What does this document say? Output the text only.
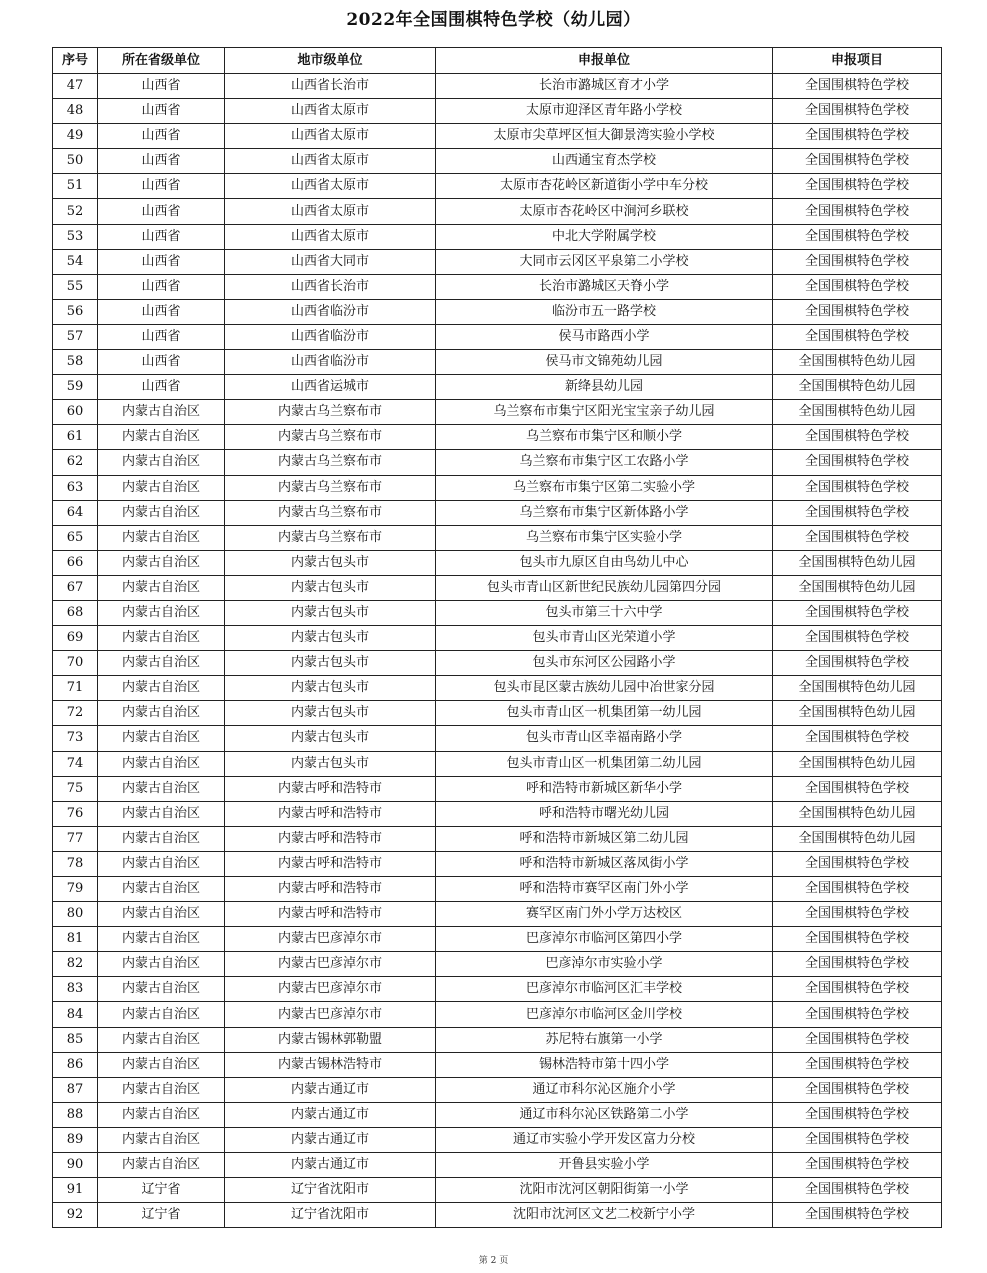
2022年全国围棋特色学校（幼儿园）
序号	所在省级单位	地市级单位	申报单位	申报项目
47	山西省	山西省长治市	长治市潞城区育才小学	全国围棋特色学校
48	山西省	山西省太原市	太原市迎泽区青年路小学校	全国围棋特色学校
49	山西省	山西省太原市	太原市尖草坪区恒大御景湾实验小学校	全国围棋特色学校
50	山西省	山西省太原市	山西通宝育杰学校	全国围棋特色学校
51	山西省	山西省太原市	太原市杏花岭区新道街小学中车分校	全国围棋特色学校
52	山西省	山西省太原市	太原市杏花岭区中涧河乡联校	全国围棋特色学校
53	山西省	山西省太原市	中北大学附属学校	全国围棋特色学校
54	山西省	山西省大同市	大同市云冈区平泉第二小学校	全国围棋特色学校
55	山西省	山西省长治市	长治市潞城区天脊小学	全国围棋特色学校
56	山西省	山西省临汾市	临汾市五一路学校	全国围棋特色学校
57	山西省	山西省临汾市	侯马市路西小学	全国围棋特色学校
58	山西省	山西省临汾市	侯马市文锦苑幼儿园	全国围棋特色幼儿园
59	山西省	山西省运城市	新绛县幼儿园	全国围棋特色幼儿园
60	内蒙古自治区	内蒙古乌兰察布市	乌兰察布市集宁区阳光宝宝亲子幼儿园	全国围棋特色幼儿园
61	内蒙古自治区	内蒙古乌兰察布市	乌兰察布市集宁区和顺小学	全国围棋特色学校
62	内蒙古自治区	内蒙古乌兰察布市	乌兰察布市集宁区工农路小学	全国围棋特色学校
63	内蒙古自治区	内蒙古乌兰察布市	乌兰察布市集宁区第二实验小学	全国围棋特色学校
64	内蒙古自治区	内蒙古乌兰察布市	乌兰察布市集宁区新体路小学	全国围棋特色学校
65	内蒙古自治区	内蒙古乌兰察布市	乌兰察布市集宁区实验小学	全国围棋特色学校
66	内蒙古自治区	内蒙古包头市	包头市九原区自由鸟幼儿中心	全国围棋特色幼儿园
67	内蒙古自治区	内蒙古包头市	包头市青山区新世纪民族幼儿园第四分园	全国围棋特色幼儿园
68	内蒙古自治区	内蒙古包头市	包头市第三十六中学	全国围棋特色学校
69	内蒙古自治区	内蒙古包头市	包头市青山区光荣道小学	全国围棋特色学校
70	内蒙古自治区	内蒙古包头市	包头市东河区公园路小学	全国围棋特色学校
71	内蒙古自治区	内蒙古包头市	包头市昆区蒙古族幼儿园中冶世家分园	全国围棋特色幼儿园
72	内蒙古自治区	内蒙古包头市	包头市青山区一机集团第一幼儿园	全国围棋特色幼儿园
73	内蒙古自治区	内蒙古包头市	包头市青山区幸福南路小学	全国围棋特色学校
74	内蒙古自治区	内蒙古包头市	包头市青山区一机集团第二幼儿园	全国围棋特色幼儿园
75	内蒙古自治区	内蒙古呼和浩特市	呼和浩特市新城区新华小学	全国围棋特色学校
76	内蒙古自治区	内蒙古呼和浩特市	呼和浩特市曙光幼儿园	全国围棋特色幼儿园
77	内蒙古自治区	内蒙古呼和浩特市	呼和浩特市新城区第二幼儿园	全国围棋特色幼儿园
78	内蒙古自治区	内蒙古呼和浩特市	呼和浩特市新城区落凤街小学	全国围棋特色学校
79	内蒙古自治区	内蒙古呼和浩特市	呼和浩特市赛罕区南门外小学	全国围棋特色学校
80	内蒙古自治区	内蒙古呼和浩特市	赛罕区南门外小学万达校区	全国围棋特色学校
81	内蒙古自治区	内蒙古巴彦淖尔市	巴彦淖尔市临河区第四小学	全国围棋特色学校
82	内蒙古自治区	内蒙古巴彦淖尔市	巴彦淖尔市实验小学	全国围棋特色学校
83	内蒙古自治区	内蒙古巴彦淖尔市	巴彦淖尔市临河区汇丰学校	全国围棋特色学校
84	内蒙古自治区	内蒙古巴彦淖尔市	巴彦淖尔市临河区金川学校	全国围棋特色学校
85	内蒙古自治区	内蒙古锡林郭勒盟	苏尼特右旗第一小学	全国围棋特色学校
86	内蒙古自治区	内蒙古锡林浩特市	锡林浩特市第十四小学	全国围棋特色学校
87	内蒙古自治区	内蒙古通辽市	通辽市科尔沁区施介小学	全国围棋特色学校
88	内蒙古自治区	内蒙古通辽市	通辽市科尔沁区铁路第二小学	全国围棋特色学校
89	内蒙古自治区	内蒙古通辽市	通辽市实验小学开发区富力分校	全国围棋特色学校
90	内蒙古自治区	内蒙古通辽市	开鲁县实验小学	全国围棋特色学校
91	辽宁省	辽宁省沈阳市	沈阳市沈河区朝阳街第一小学	全国围棋特色学校
92	辽宁省	辽宁省沈阳市	沈阳市沈河区文艺二校新宁小学	全国围棋特色学校
第 2 页
